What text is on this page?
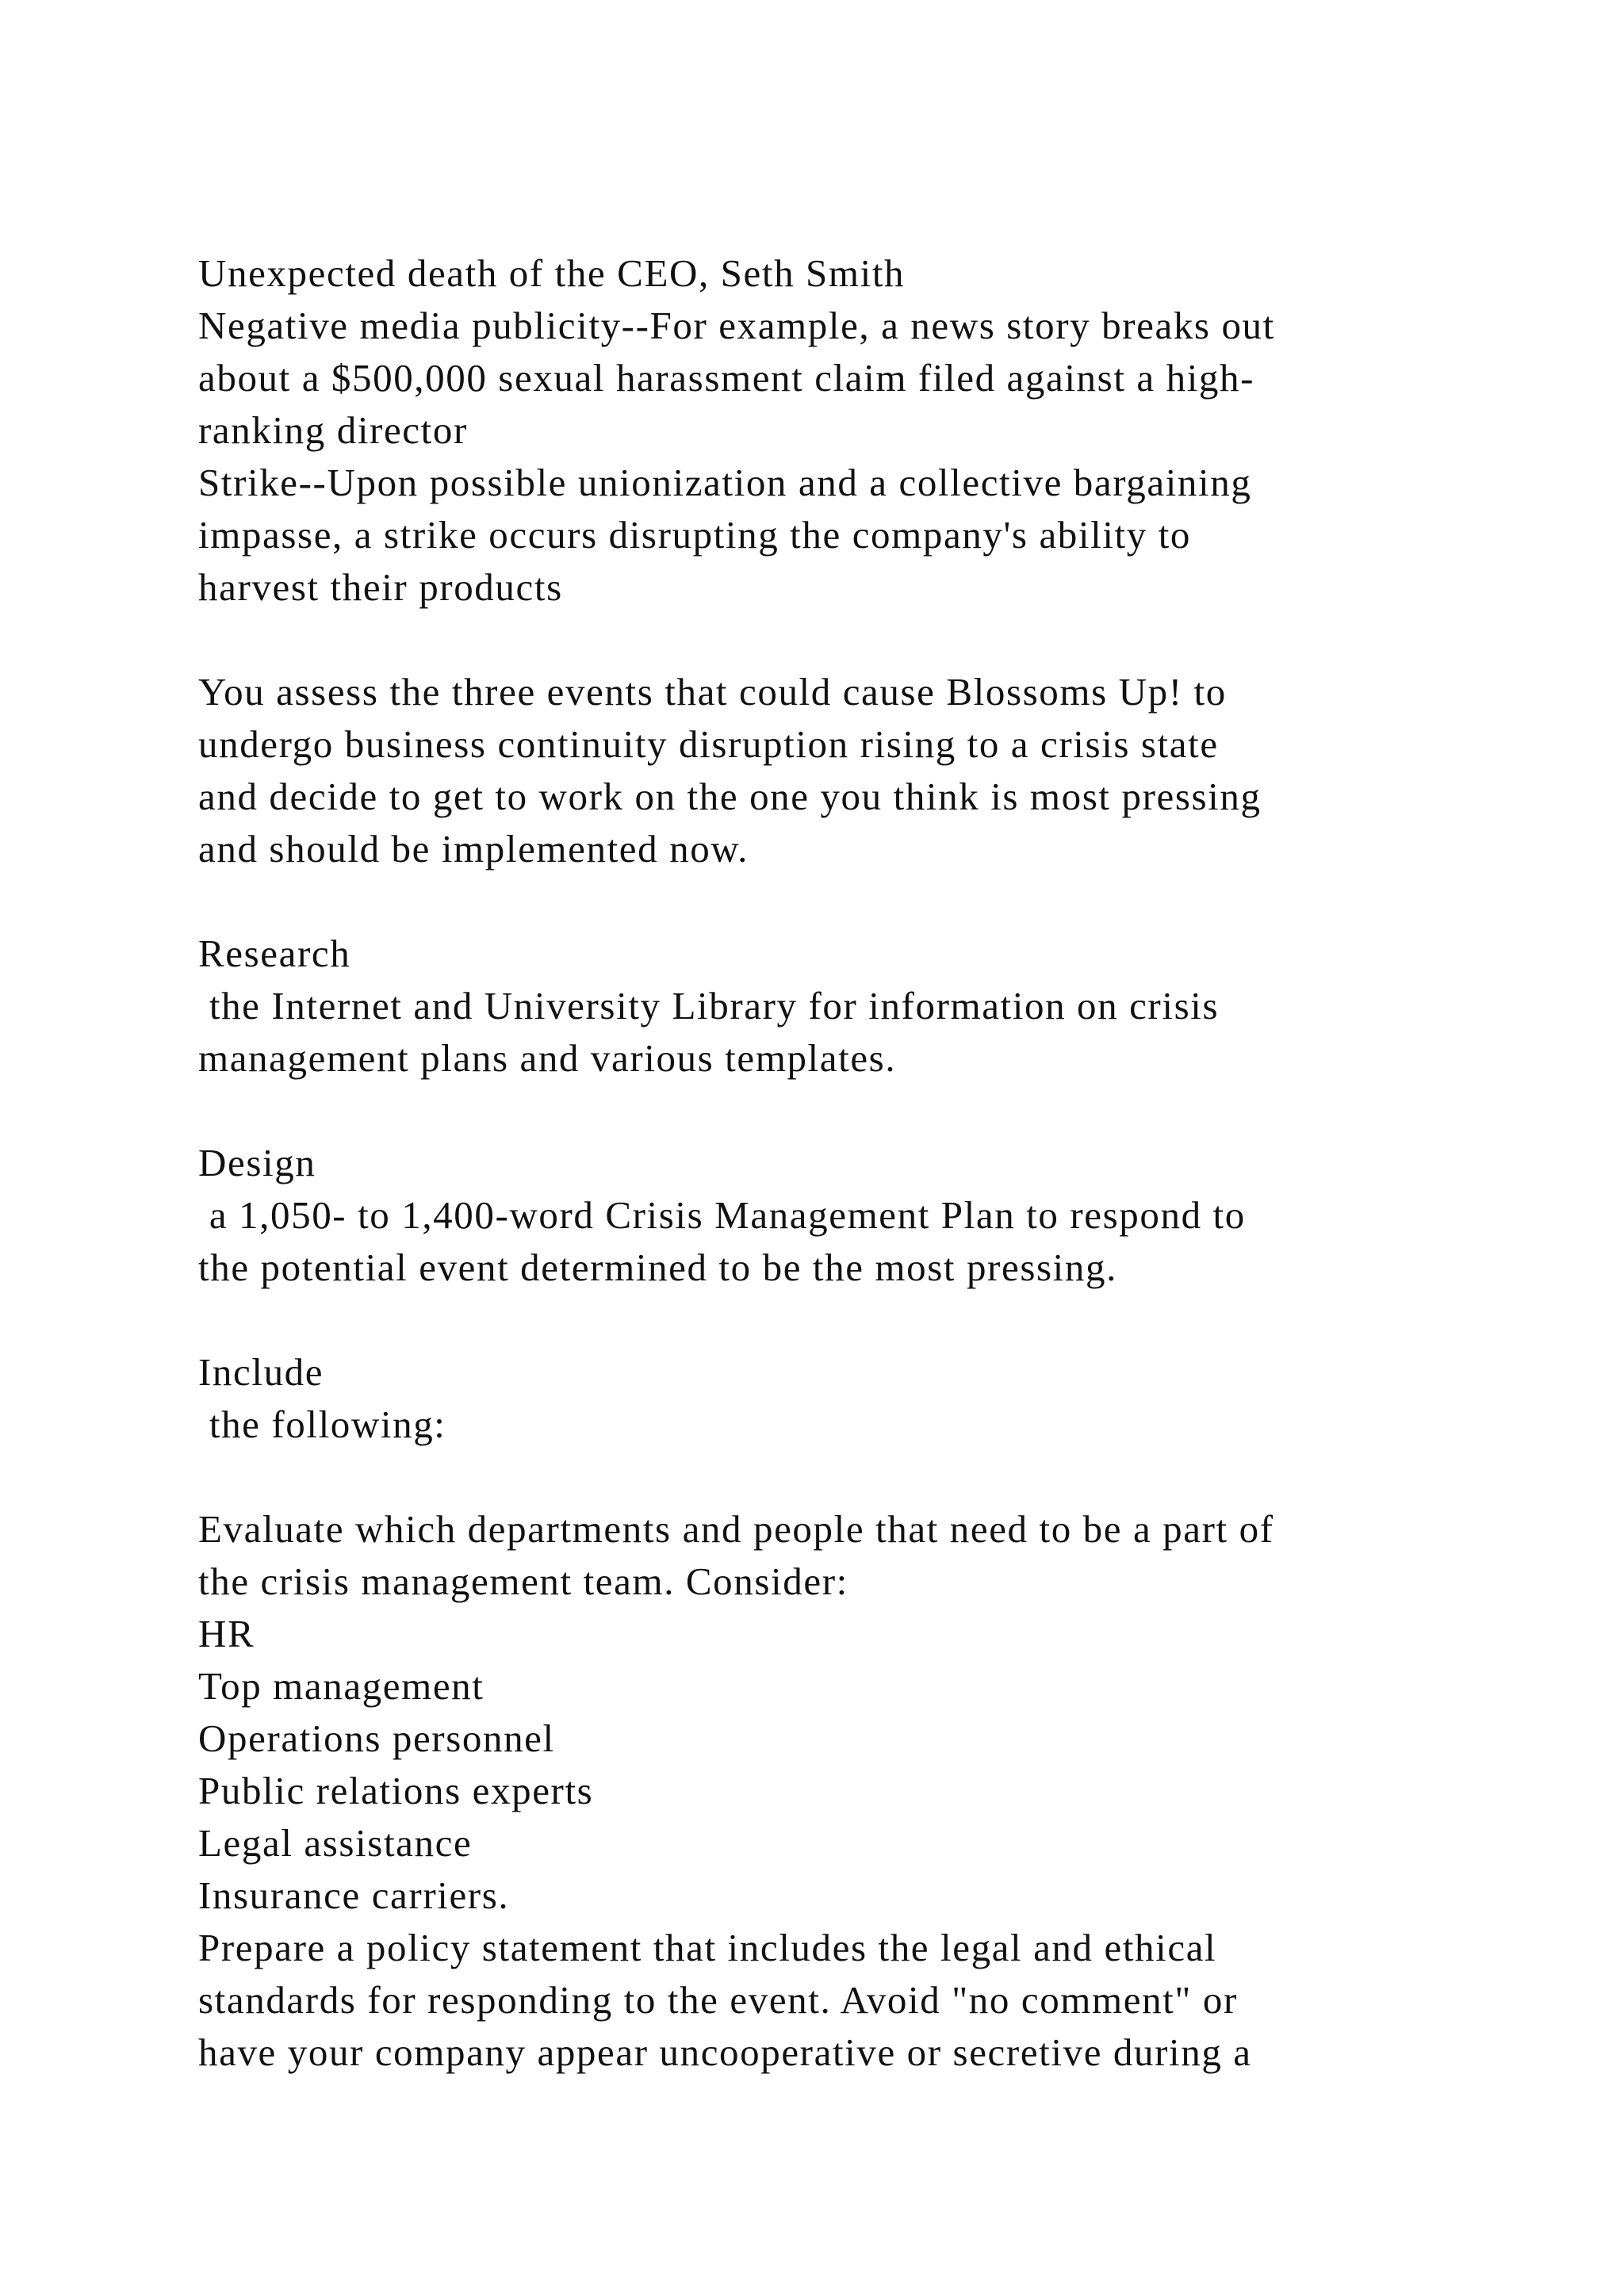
Unexpected death of the CEO, Seth Smith
Negative media publicity--For example, a news story breaks out
about a $500,000 sexual harassment claim filed against a high-
ranking director
Strike--Upon possible unionization and a collective bargaining
impasse, a strike occurs disrupting the company's ability to
harvest their products
You assess the three events that could cause Blossoms Up! to
undergo business continuity disruption rising to a crisis state
and decide to get to work on the one you think is most pressing
and should be implemented now.
Research
the Internet and University Library for information on crisis
management plans and various templates.
Design
a 1,050- to 1,400-word Crisis Management Plan to respond to
the potential event determined to be the most pressing.
Include
the following:
Evaluate which departments and people that need to be a part of
the crisis management team. Consider:
HR
Top management
Operations personnel
Public relations experts
Legal assistance
Insurance carriers.
Prepare a policy statement that includes the legal and ethical
standards for responding to the event. Avoid "no comment" or
have your company appear uncooperative or secretive during a
